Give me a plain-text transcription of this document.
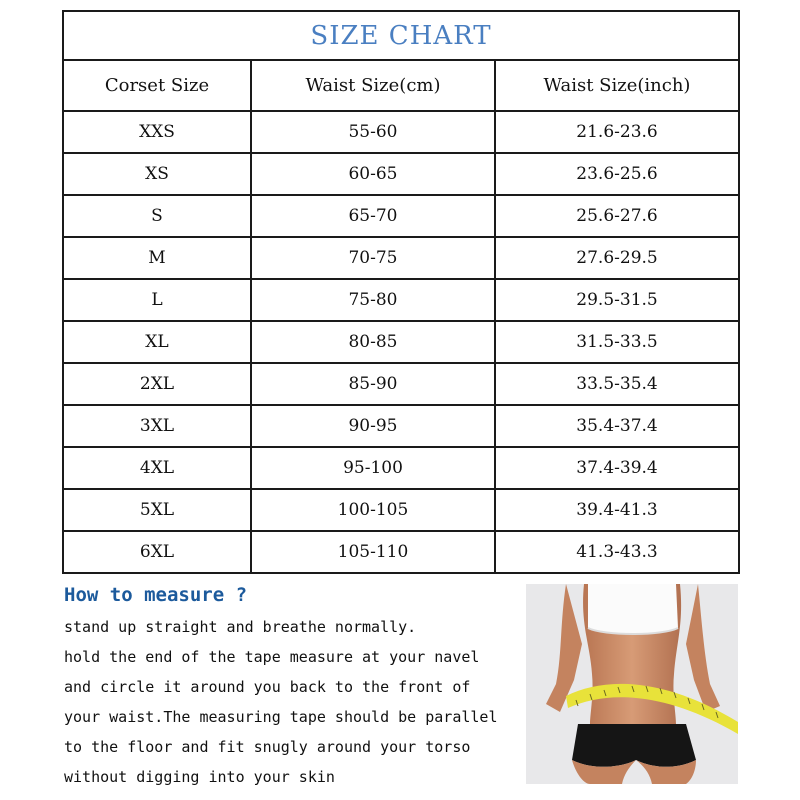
SIZE CHART		
Corset Size	Waist Size(cm)	Waist Size(inch)
XXS	55-60	21.6-23.6
XS	60-65	23.6-25.6
S	65-70	25.6-27.6
M	70-75	27.6-29.5
L	75-80	29.5-31.5
XL	80-85	31.5-33.5
2XL	85-90	33.5-35.4
3XL	90-95	35.4-37.4
4XL	95-100	37.4-39.4
5XL	100-105	39.4-41.3
6XL	105-110	41.3-43.3
How to measure ?
stand up straight and breathe normally.
hold the end of the tape measure at your navel
and circle it around you back to the front of
your waist.The measuring tape should be parallel
to the floor and fit snugly around your torso
without digging into your skin
